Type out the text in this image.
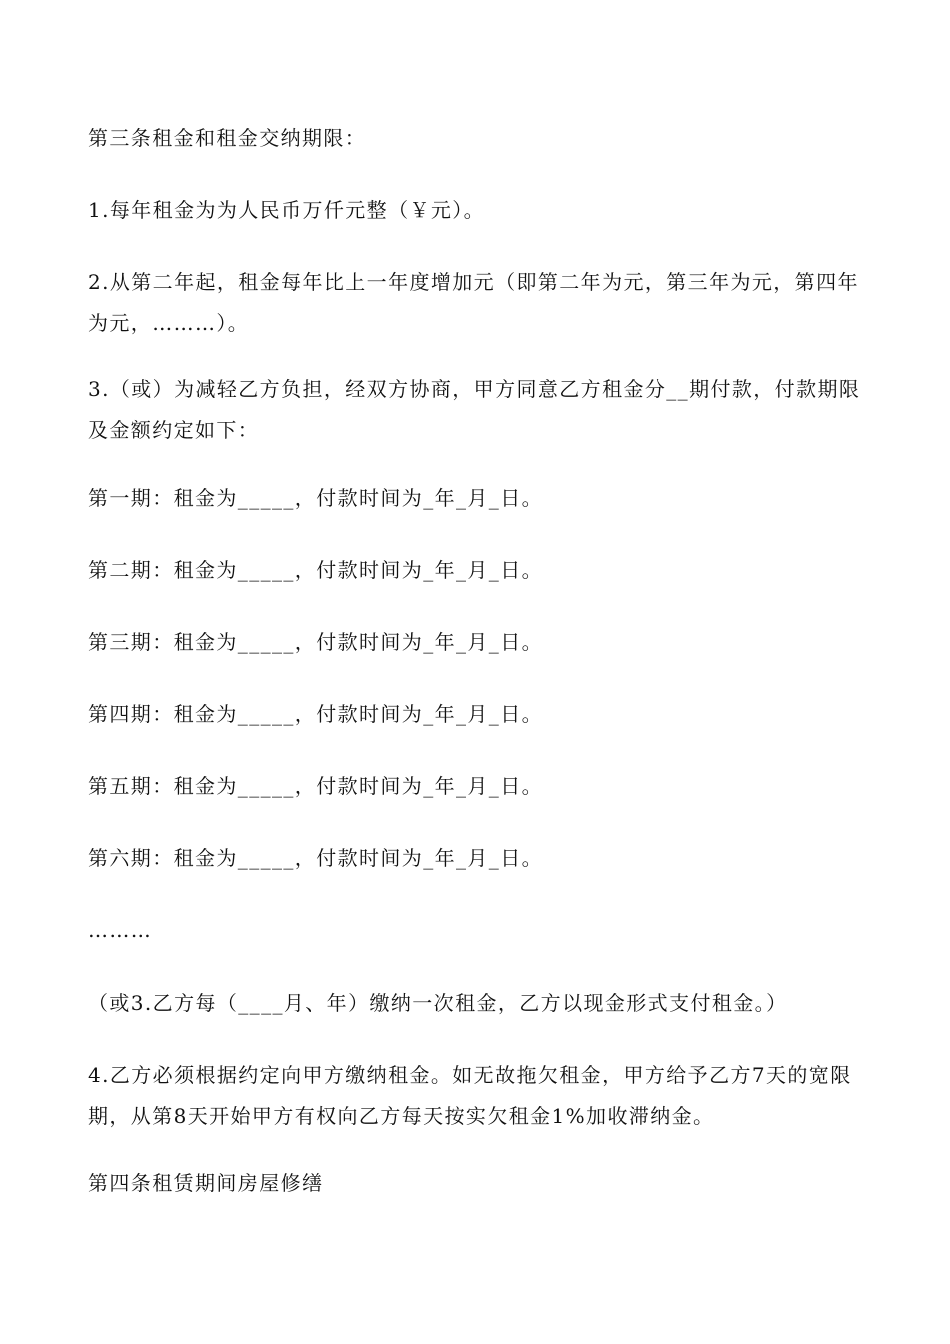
第三条租金和租金交纳期限：

1.每年租金为为人民币万仟元整（￥元）。

2.从第二年起，租金每年比上一年度增加元（即第二年为元，第三年为元，第四年为元，………）。

3.（或）为减轻乙方负担，经双方协商，甲方同意乙方租金分__期付款，付款期限及金额约定如下：

第一期：租金为_____，付款时间为_年_月_日。

第二期：租金为_____，付款时间为_年_月_日。

第三期：租金为_____，付款时间为_年_月_日。

第四期：租金为_____，付款时间为_年_月_日。

第五期：租金为_____，付款时间为_年_月_日。

第六期：租金为_____，付款时间为_年_月_日。

………

（或3.乙方每（____月、年）缴纳一次租金，乙方以现金形式支付租金。）

4.乙方必须根据约定向甲方缴纳租金。如无故拖欠租金，甲方给予乙方7天的宽限期，从第8天开始甲方有权向乙方每天按实欠租金1%加收滞纳金。

第四条租赁期间房屋修缮
